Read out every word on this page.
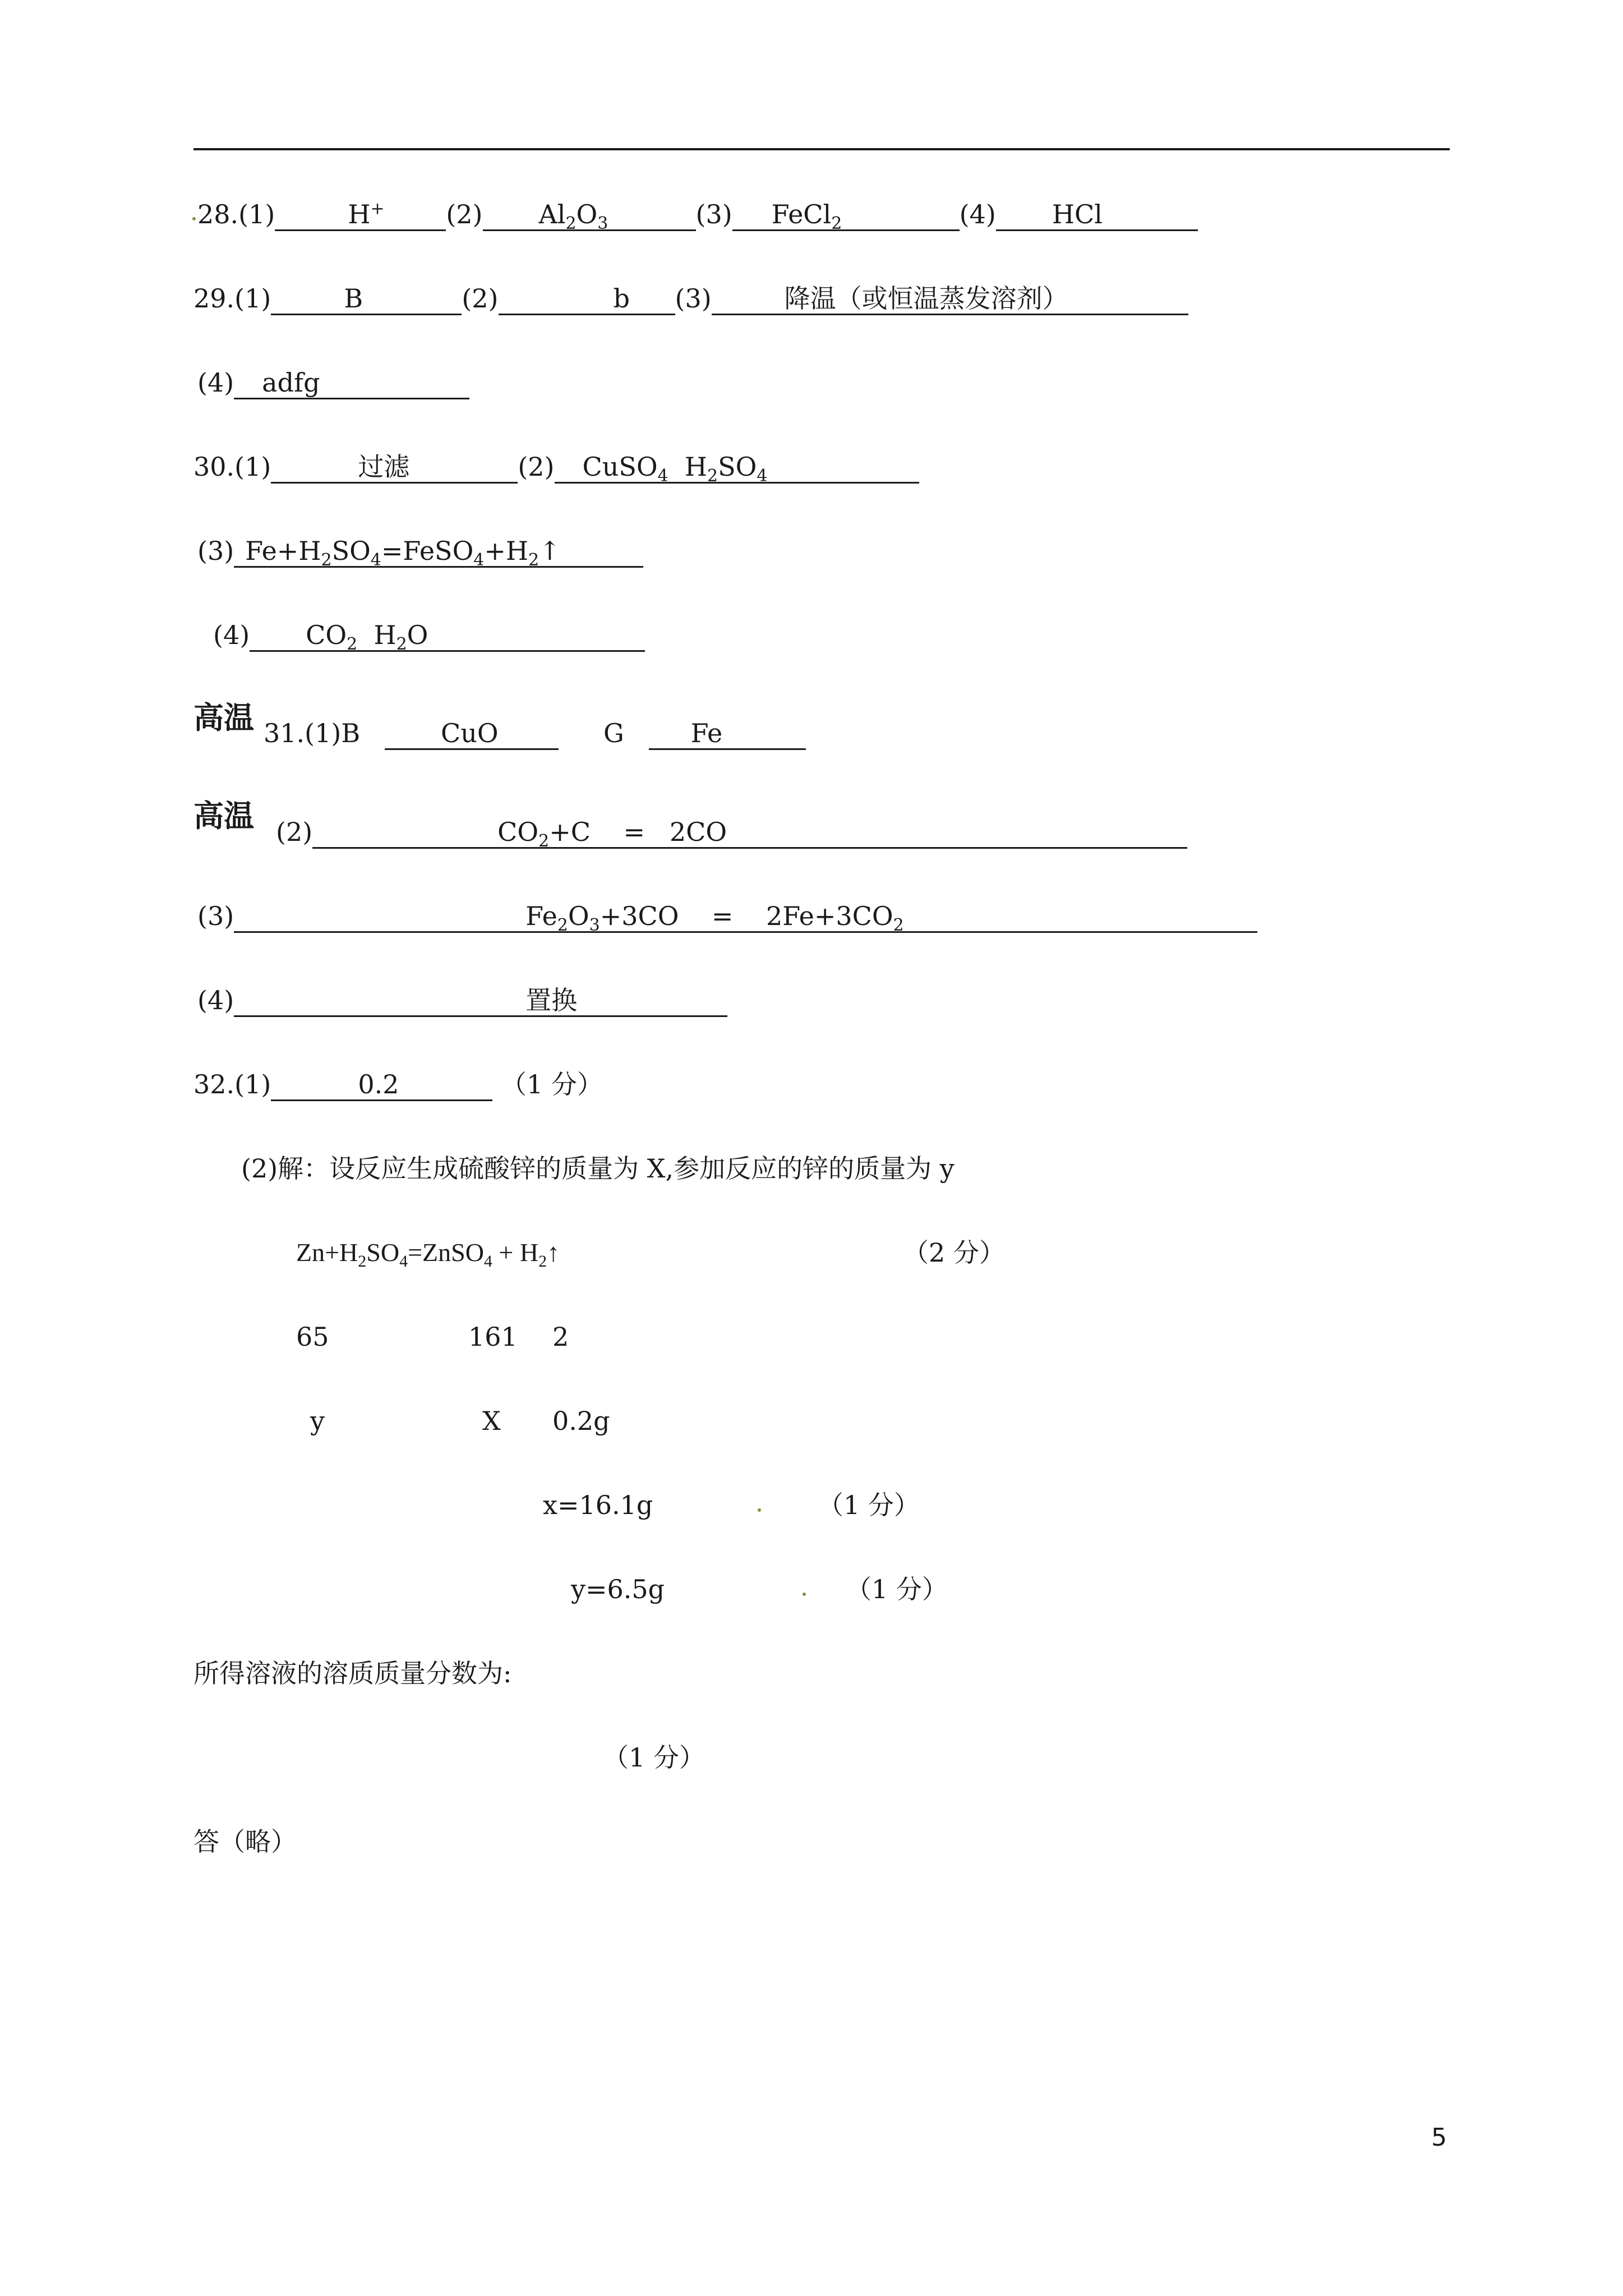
28.(1)	H+ (2) $Al_2O_3$	(3) FeCl$_2$	(4) HCl
29.(1)	B	(2)	b (3)	降温（或恒温蒸发溶剂）
(4) adfg
30.(1)	过滤	(2) CuSO$_4$ $H_2SO_4$
(3) $Fe+H_2SO_4=FeSO_4+H_2↑$
(4) $CO_2$ $H_2O$
高温 31.(1)B	CuO	G	Fe
高温 (2)	$CO_2+C = 2CO$
(3)	$Fe_2O_3+3CO = 2Fe+3CO_2$
(4)	置换
32.(1)	0.2	（1 分）
(2)解：设反应生成硫酸锌的质量为 X,参加反应的锌的质量为 y
$Zn+H_2SO_4=ZnSO_4$ + $H_2↑$	（2 分）
65	161 2
y	X 0.2g
x=16.1g	（1 分）
y=6.5g	（1 分）
所得溶液的溶质质量分数为:
（1 分）
答（略）
5
